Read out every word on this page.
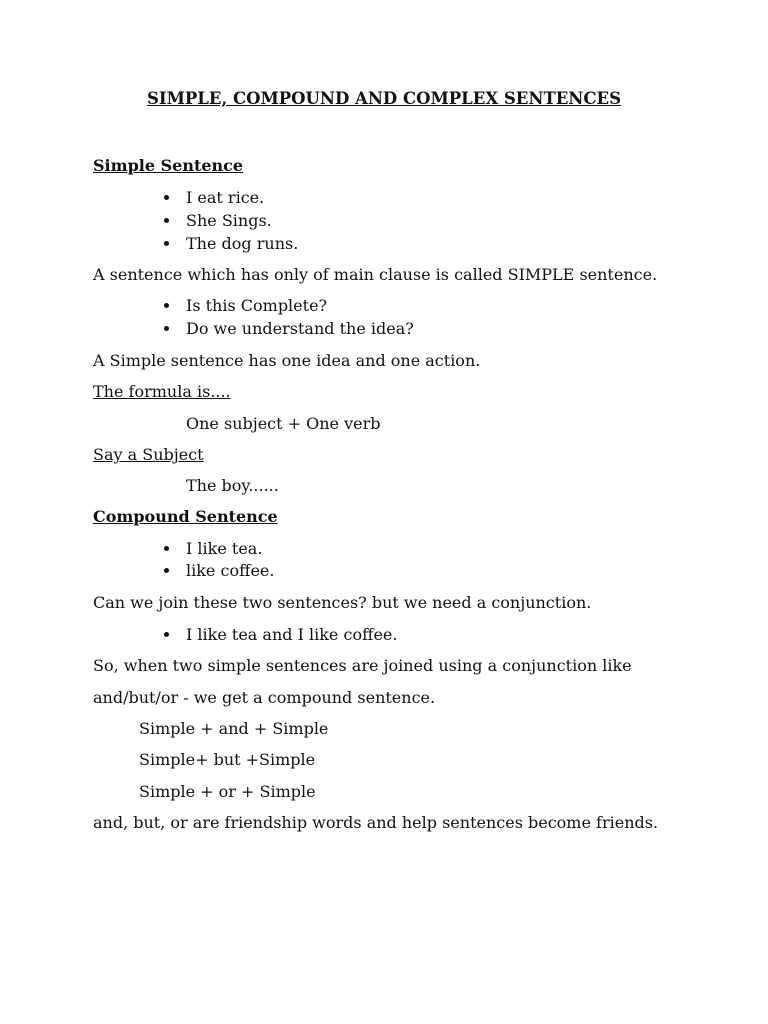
SIMPLE, COMPOUND AND COMPLEX SENTENCES
Simple Sentence
I eat rice.
She Sings.
The dog runs.
A sentence which has only of main clause is called SIMPLE sentence.
Is this Complete?
Do we understand the idea?
A Simple sentence has one idea and one action.
The formula is....
One subject + One verb
Say a Subject
The boy......
Compound Sentence
I like tea.
like coffee.
Can we join these two sentences? but we need a conjunction.
I like tea and I like coffee.
So, when two simple sentences are joined using a conjunction like
and/but/or - we get a compound sentence.
Simple + and + Simple
Simple+ but +Simple
Simple + or + Simple
and, but, or are friendship words and help sentences become friends.
